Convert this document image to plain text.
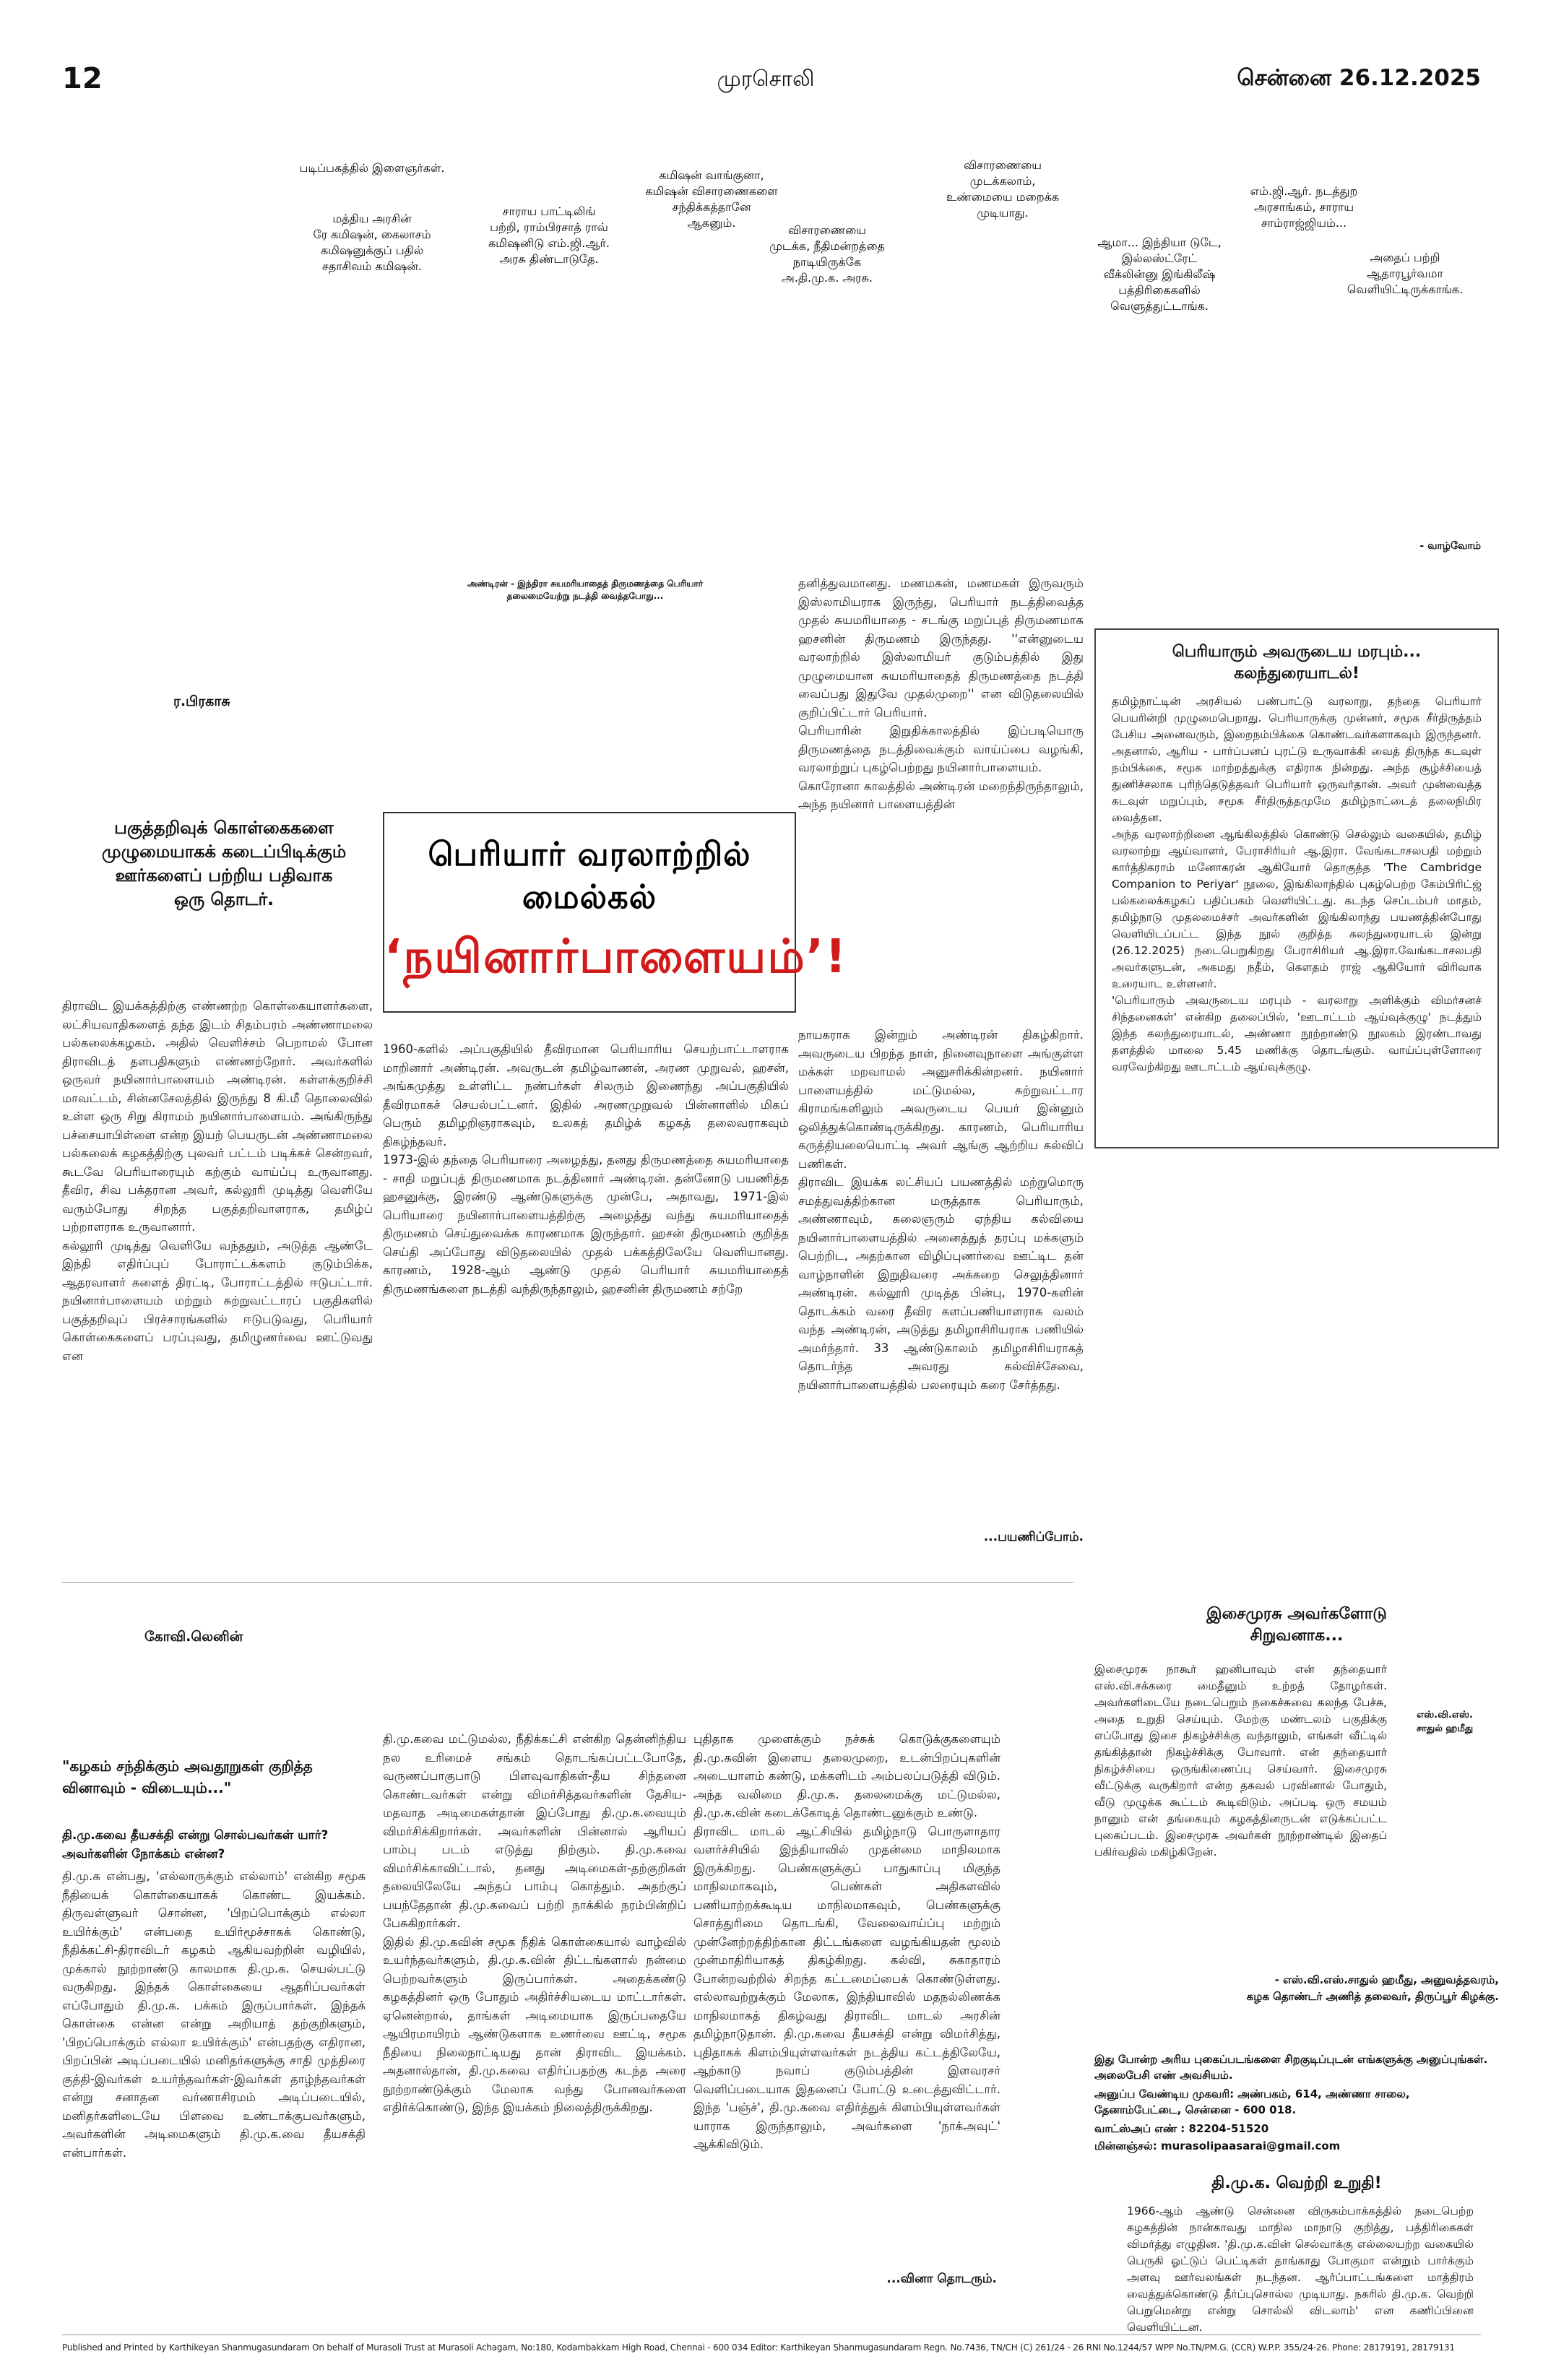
12	முரசொலி	சென்னை 26.12.2025
படிப்பகத்தில் இளைஞர்கள்.
மத்திய அரசின்
ரே கமிஷன், கைலாசம்
கமிஷனுக்குப் பதில்
சதாசிவம் கமிஷன்.
சாராய பாட்டிலிங்
பற்றி, ராம்பிரசாத் ராவ்
கமிஷனிடு எம்.ஜி.ஆர்.
அரசு திண்டாடுதே.
கமிஷன் வாங்குனா,
கமிஷன் விசாரணைகளை
சந்திக்கத்தானே
ஆகனும்.
விசாரணையை
முடக்க, நீதிமன்றத்தை
நாடியிருக்கே
அ.தி.மு.க. அரசு.
விசாரணையை
முடக்கலாம்,
உண்மையை மறைக்க
முடியாது.
ஆமா... இந்தியா டுடே,
இல்லஸ்ட்ரேட்
வீக்லின்னு இங்கிலீஷ்
பத்திரிகைகளில்
வெளுத்துட்டாங்க.
எம்.ஜி.ஆர். நடத்துற
அரசாங்கம், சாராய
சாம்ராஜ்ஜியம்...
அதைப் பற்றி
ஆதாரபூர்வமா
வெளியிட்டிருக்காங்க.
- வாழ்வோம்
ர.பிரகாசு
பகுத்தறிவுக் கொள்கைகளை
முழுமையாகக் கடைப்பிடிக்கும்
ஊர்களைப் பற்றிய பதிவாக
ஒரு தொடர்.
அண்டிரன் - இந்திரா சுயமரியாதைத் திருமணத்தை பெரியார்
தலைமையேற்று நடத்தி வைத்தபோது...
பெரியார் வரலாற்றில் மைல்கல்
‘நயினார்பாளையம்’!

திராவிட இயக்கத்திற்கு எண்ணற்ற கொள்கையாளர்களை, லட்சியவாதிகளைத் தந்த இடம் சிதம்பரம் அண்ணாமலை பல்கலைக்கழகம். அதில் வெளிச்சம் பெறாமல் போன திராவிடத் தளபதிகளும் எண்ணற்றோர். அவர்களில் ஒருவர் நயினார்பாளையம் அண்டிரன். கள்ளக்குறிச்சி மாவட்டம், சின்னசேலத்தில் இருந்து 8 கி.மீ தொலைவில் உள்ள ஒரு சிறு கிராமம் நயினார்பாளையம். அங்கிருந்து பச்சையாபிள்ளை என்ற இயற் பெயருடன் அண்ணாமலை பல்கலைக் கழகத்திற்கு புலவர் பட்டம் படிக்கச் சென்றவர், கூடவே பெரியாரையும் கற்கும் வாய்ப்பு உருவானது. தீவிர, சிவ பக்தரான அவர், கல்லூரி முடித்து வெளியே வரும்போது சிறந்த பகுத்தறிவாளராக, தமிழ்ப் பற்றாளராக உருவானார்.
கல்லூரி முடித்து வெளியே வந்ததும், அடுத்த ஆண்டே இந்தி எதிர்ப்புப் போராட்டக்களம் குடும்பிக்க, ஆதரவாளர் களைத் திரட்டி, போராட்டத்தில் ஈடுபட்டார். நயினார்பாளையம் மற்றும் சுற்றுவட்டாரப் பகுதிகளில் பகுத்தறிவுப் பிரச்சாரங்களில் ஈடுபடுவது, பெரியார் கொள்கைகளைப் பரப்புவது, தமிழுணர்வை ஊட்டுவது என

1960-களில் அப்பகுதியில் தீவிரமான பெரியாரிய செயற்பாட்டாளராக மாறினார் அண்டிரன். அவருடன் தமிழ்வாணன், அரண முறுவல், ஹசன், அங்கமுத்து உள்ளிட்ட நண்பர்கள் சிலரும் இணைந்து அப்பகுதியில் தீவிரமாகச் செயல்பட்டனர். இதில் அரணமுறுவல் பின்னாளில் மிகப் பெரும் தமிழறிஞராகவும், உலகத் தமிழ்க் கழகத் தலைவராகவும் திகழ்ந்தவர்.
1973-இல் தந்தை பெரியாரை அழைத்து, தனது திருமணத்தை சுயமரியாதை - சாதி மறுப்புத் திருமணமாக நடத்தினார் அண்டிரன். தன்னோடு பயணித்த ஹசனுக்கு, இரண்டு ஆண்டுகளுக்கு முன்பே, அதாவது, 1971-இல் பெரியாரை நயினார்பாளையத்திற்கு அழைத்து வந்து சுயமரியாதைத் திருமணம் செய்துவைக்க காரணமாக இருந்தார். ஹசன் திருமணம் குறித்த செய்தி அப்போது விடுதலையில் முதல் பக்கத்திலேயே வெளியானது. காரணம், 1928-ஆம் ஆண்டு முதல் பெரியார் சுயமரியாதைத் திருமணங்களை நடத்தி வந்திருந்தாலும், ஹசனின் திருமணம் சற்றே

தனித்துவமானது. மணமகன், மணமகள் இருவரும் இஸ்லாமியராக இருந்து, பெரியார் நடத்திவைத்த முதல் சுயமரியாதை - சடங்கு மறுப்புத் திருமணமாக ஹசனின் திருமணம் இருந்தது. ''என்னுடைய வரலாற்றில் இஸ்லாமியர் குடும்பத்தில் இது முழுமையான சுயமரியாதைத் திருமணத்தை நடத்தி வைப்பது இதுவே முதல்முறை'' என விடுதலையில் குறிப்பிட்டார் பெரியார்.
பெரியாரின் இறுதிக்காலத்தில் இப்படியொரு திருமணத்தை நடத்திவைக்கும் வாய்ப்பை வழங்கி, வரலாற்றுப் புகழ்பெற்றது நயினார்பாளையம்.
கொரோனா காலத்தில் அண்டிரன் மறைந்திருந்தாலும், அந்த நயினார் பாளையத்தின்

நாயகராக இன்றும் அண்டிரன் திகழ்கிறார். அவருடைய பிறந்த நாள், நினைவுநாளை அங்குள்ள மக்கள் மறவாமல் அனுசரிக்கின்றனர். நயினார் பாளையத்தில் மட்டுமல்ல, சுற்றுவட்டார கிராமங்களிலும் அவருடைய பெயர் இன்னும் ஒலித்துக்கொண்டிருக்கிறது. காரணம், பெரியாரிய கருத்தியலையொட்டி அவர் ஆங்கு ஆற்றிய கல்விப் பணிகள்.
திராவிட இயக்க லட்சியப் பயணத்தில் மற்றுமொரு சமத்துவத்திற்கான மருத்தாக பெரியாரும், அண்ணாவும், கலைஞரும் ஏந்திய கல்வியை நயினார்பாளையத்தில் அனைத்துத் தரப்பு மக்களும் பெற்றிட, அதற்கான விழிப்புணர்வை ஊட்டிட தன் வாழ்நாளின் இறுதிவரை அக்கறை செலுத்தினார் அண்டிரன். கல்லூரி முடித்த பின்பு, 1970-களின் தொடக்கம் வரை தீவிர களப்பணியாளராக வலம் வந்த அண்டிரன், அடுத்து தமிழாசிரியராக பணியில் அமர்ந்தார். 33 ஆண்டுகாலம் தமிழாசிரியராகத் தொடர்ந்த அவரது கல்விச்சேவை, நயினார்பாளையத்தில் பலரையும் கரை சேர்த்தது.

...பயணிப்போம்.
பெரியாரும் அவருடைய மரபும்...
கலந்துரையாடல்!
தமிழ்நாட்டின் அரசியல் பண்பாட்டு வரலாறு, தந்தை பெரியார் பெயரின்றி முழுமைபெறாது. பெரியாருக்கு முன்னர், சமூக சீர்திருத்தம் பேசிய அனைவரும், இறைநம்பிக்கை கொண்டவர்களாகவும் இருந்தனர். அதனால், ஆரிய - பார்ப்பனப் புரட்டு உருவாக்கி வைத் திருந்த கடவுள் நம்பிக்கை, சமூக மாற்றத்துக்கு எதிராக நின்றது. அந்த சூழ்ச்சியைத் துணிச்சலாக புரிந்தெடுத்தவர் பெரியார் ஒருவர்தான். அவர் முன்வைத்த கடவுள் மறுப்பும், சமூக சீர்திருத்தமுமே தமிழ்நாட்டைத் தலைநிமிர வைத்தன.
அந்த வரலாற்றினை ஆங்கிலத்தில் கொண்டு செல்லும் வகையில், தமிழ் வரலாற்று ஆய்வாளர், பேராசிரியர் ஆ.இரா. வேங்கடாசலபதி மற்றும் கார்த்திகராம் மனோகரன் ஆகியோர் தொகுத்த 'The Cambridge Companion to Periyar' நூலை, இங்கிலாந்தில் புகழ்பெற்ற கேம்பிரிட்ஜ் பல்கலைக்கழகப் பதிப்பகம் வெளியிட்டது. கடந்த செப்டம்பர் மாதம், தமிழ்நாடு முதலமைச்சர் அவர்களின் இங்கிலாந்து பயணத்தின்போது வெளியிடப்பட்ட இந்த நூல் குறித்த கலந்துரையாடல் இன்று (26.12.2025) நடைபெறுகிறது பேராசிரியர் ஆ.இரா.வேங்கடாசலபதி அவர்களுடன், அகமது நதீம், கௌதம் ராஜ் ஆகியோர் விரிவாக உரையாட உள்ளனர்.
'பெரியாரும் அவருடைய மரபும் - வரலாறு அளிக்கும் விமர்சனச் சிந்தனைகள்' என்கிற தலைப்பில், 'ஊடாட்டம் ஆய்வுக்குழு' நடத்தும் இந்த கலந்துரையாடல், அண்ணா நூற்றாண்டு நூலகம் இரண்டாவது தளத்தில் மாலை 5.45 மணிக்கு தொடங்கும். வாய்ப்புள்ளோரை வரவேற்கிறது ஊடாட்டம் ஆய்வுக்குழு.
கோவி.லெனின்
"கழகம் சந்திக்கும் அவதூறுகள் குறித்த
வினாவும் - விடையும்..."
தி.மு.கவை தீயசக்தி என்று சொல்பவர்கள் யார்? அவர்களின் நோக்கம் என்ன?

தி.மு.க என்பது, 'எல்லாருக்கும் எல்லாம்' என்கிற சமூக நீதியைக் கொள்கையாகக் கொண்ட இயக்கம். திருவள்ளுவர் சொன்ன, 'பிறப்பொக்கும் எல்லா உயிர்க்கும்' என்பதை உயிர்மூச்சாகக் கொண்டு, நீதிக்கட்சி-திராவிடர் கழகம் ஆகியவற்றின் வழியில், முக்கால் நூற்றாண்டு காலமாக தி.மு.க. செயல்பட்டு வருகிறது. இந்தக் கொள்கையை ஆதரிப்பவர்கள் எப்போதும் தி.மு.க. பக்கம் இருப்பார்கள். இந்தக் கொள்கை என்ன என்று அறியாத் தற்குறிகளும், 'பிறப்பொக்கும் எல்லா உயிர்க்கும்' என்பதற்கு எதிரான, பிறப்பின் அடிப்படையில் மனிதர்களுக்கு சாதி முத்திரை குத்தி-இவர்கள் உயர்ந்தவர்கள்-இவர்கள் தாழ்ந்தவர்கள் என்று சனாதன வர்ணாசிரமம் அடிப்படையில், மனிதர்களிடையே பிளவை உண்டாக்குபவர்களும், அவர்களின் அடிமைகளும் தி.மு.க.வை தீயசக்தி என்பார்கள்.

தி.மு.கவை மட்டுமல்ல, நீதிக்கட்சி என்கிற தென்னிந்திய நல உரிமைச் சங்கம் தொடங்கப்பட்டபோதே, வருணப்பாகுபாடு பிளவுவாதிகள்-தீய சிந்தனை கொண்டவர்கள் என்று விமர்சித்தவர்களின் தேசிய-மதவாத அடிமைகள்தான் இப்போது தி.மு.க.வையும் விமர்சிக்கிறார்கள். அவர்களின் பின்னால் ஆரியப் பாம்பு படம் எடுத்து நிற்கும். தி.மு.கவை விமர்சிக்காவிட்டால், தனது அடிமைகள்-தற்குறிகள் தலையிலேயே அந்தப் பாம்பு கொத்தும். அதற்குப் பயந்தேதான் தி.மு.கவைப் பற்றி நாக்கில் நரம்பின்றிப் பேசுகிறார்கள்.
இதில் தி.மு.கவின் சமூக நீதிக் கொள்கையால் வாழ்வில் உயர்ந்தவர்களும், தி.மு.க.வின் திட்டங்களால் நன்மை பெற்றவர்களும் இருப்பார்கள். அதைக்கண்டு கழகத்தினர் ஒரு போதும் அதிர்ச்சியடைய மாட்டார்கள். ஏனென்றால், தாங்கள் அடிமையாக இருப்பதையே ஆயிரமாயிரம் ஆண்டுகளாக உணர்வை ஊட்டி, சமூக நீதியை நிலைநாட்டியது தான் திராவிட இயக்கம். அதனால்தான், தி.மு.கவை எதிர்ப்பதற்கு கடந்த அரை நூற்றாண்டுக்கும் மேலாக வந்து போனவர்களை எதிர்க்கொண்டு, இந்த இயக்கம் நிலைத்திருக்கிறது.

புதிதாக முளைக்கும் நச்சுக் கொடுக்குகளையும் தி.மு.கவின் இளைய தலைமுறை, உடன்பிறப்புகளின் அடையாளம் கண்டு, மக்களிடம் அம்பலப்படுத்தி விடும். அந்த வலிமை தி.மு.க. தலைமைக்கு மட்டுமல்ல, தி.மு.க.வின் கடைக்கோடித் தொண்டனுக்கும் உண்டு.
திராவிட மாடல் ஆட்சியில் தமிழ்நாடு பொருளாதார வளர்ச்சியில் இந்தியாவில் முதன்மை மாநிலமாக இருக்கிறது. பெண்களுக்குப் பாதுகாப்பு மிகுந்த மாநிலமாகவும், பெண்கள் அதிகளவில் பணியாற்றக்கூடிய மாநிலமாகவும், பெண்களுக்கு சொத்துரிமை தொடங்கி, வேலைவாய்ப்பு மற்றும் முன்னேற்றத்திற்கான திட்டங்களை வழங்கியதன் மூலம் முன்மாதிரியாகத் திகழ்கிறது. கல்வி, சுகாதாரம் போன்றவற்றில் சிறந்த கட்டமைப்பைக் கொண்டுள்ளது. எல்லாவற்றுக்கும் மேலாக, இந்தியாவில் மதநல்லிணக்க மாநிலமாகத் திகழ்வது திராவிட மாடல் அரசின் தமிழ்நாடுதான். தி.மு.கவை தீயசக்தி என்று விமர்சித்து, புதிதாகக் கிளம்பியுள்ளவர்கள் நடத்திய கட்டத்திலேயே, ஆற்காடு நவாப் குடும்பத்தின் இளவரசர் வெளிப்படையாக இதனைப் போட்டு உடைத்துவிட்டார். இந்த 'பஞ்ச்', தி.மு.கவை எதிர்த்துக் கிளம்பியுள்ளவர்கள் யாராக இருந்தாலும், அவர்களை 'நாக்அவுட்' ஆக்கிவிடும்.

...வினா தொடரும்.
இசைமுரசு அவர்களோடு
சிறுவனாக...
இசைமுரசு நாகூர் ஹனிபாவும் என் தந்தையார் எஸ்.வி.சக்கரை மைதீனும் உற்றத் தோழர்கள். அவர்களிடையே நடைபெறும் நகைச்சுவை கலந்த பேச்சு, அதை உறுதி செய்யும். மேற்கு மண்டலம் பகுதிக்கு எப்போது இசை நிகழ்ச்சிக்கு வந்தாலும், எங்கள் வீட்டில் தங்கித்தான் நிகழ்ச்சிக்கு போவார். என் தந்தையார் நிகழ்ச்சியை ஒருங்கிணைப்பு செய்வார். இசைமுரசு வீட்டுக்கு வருகிறார் என்ற தகவல் பரவினால் போதும், வீடு முழுக்க கூட்டம் கூடிவிடும். அப்படி ஒரு சமயம் நானும் என் தங்கையும் கழகத்தினருடன் எடுக்கப்பட்ட புகைப்படம். இசைமுரசு அவர்கள் நூற்றாண்டில் இதைப் பகிர்வதில் மகிழ்கிறேன்.
எஸ்.வி.எஸ்.
சாதுல் ஹமீது
- எஸ்.வி.எஸ்.சாதுல் ஹமீது, அனுவத்தவரம்,
கழக தொண்டர் அணித் தலைவர், திருப்பூர் கிழக்கு.
இது போன்ற அரிய புகைப்படங்களை சிறகுடிப்புடன் எங்களுக்கு அனுப்புங்கள். அலைபேசி எண் அவசியம்.
அனுப்ப வேண்டிய முகவரி: அண்பகம், 614, அண்ணா சாலை, தேனாம்பேட்டை, சென்னை - 600 018.
வாட்ஸ்அப் எண் : 82204-51520
மின்னஞ்சல்: murasolipaasarai@gmail.com
தி.மு.க. வெற்றி உறுதி!
1966-ஆம் ஆண்டு சென்னை விருகம்பாக்கத்தில் நடைபெற்ற கழகத்தின் நான்காவது மாநில மாநாடு குறித்து, பத்திரிகைகள் விமர்த்து எழுதின. 'தி.மு.க.வின் செல்வாக்கு எல்லையற்ற வகையில் பெருகி ஓட்டுப் பெட்டிகள் தாங்காது போகுமா என்றும் பார்க்கும் அளவு ஊர்வலங்கள் நடந்தன. ஆர்ப்பாட்டங்களை மாத்திரம் வைத்துக்கொண்டு தீர்ப்புசொல்ல முடியாது. நகரில் தி.மு.க. வெற்றி பெறுமென்று என்று சொல்லி விடலாம்' என கணிப்பினை வெளியிட்டன.
Published and Printed by Karthikeyan Shanmugasundaram On behalf of Murasoli Trust at Murasoli Achagam, No:180, Kodambakkam High Road, Chennai - 600 034 Editor: Karthikeyan Shanmugasundaram Regn. No.7436, TN/CH (C) 261/24 - 26 RNI No.1244/57 WPP No.TN/PM.G. (CCR) W.P.P. 355/24-26. Phone: 28179191, 28179131
